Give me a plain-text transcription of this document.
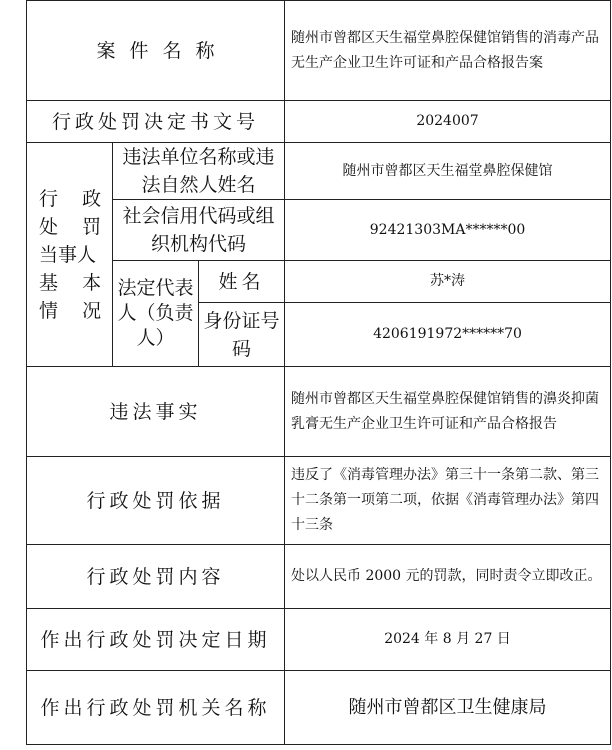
案件名称			随州市曾都区天生福堂鼻腔保健馆销售的消毒产品无生产企业卫生许可证和产品合格报告案
行政处罚决定书文号			2024007

行    政
处    罚
当事人
基    本
情    况	违法单位名称或违法自然人姓名		随州市曾都区天生福堂鼻腔保健馆
	社会信用代码或组织机构代码		92421303MA******00
	法定代表人（负责人）	姓名	苏*涛
		身份证号码	4206191972******70
违法事实			随州市曾都区天生福堂鼻腔保健馆销售的濞炎抑菌乳膏无生产企业卫生许可证和产品合格报告
行政处罚依据			违反了《消毒管理办法》第三十一条第二款、第三十二条第一项第二项，依据《消毒管理办法》第四十三条
行政处罚内容			处以人民币 2000 元的罚款，同时责令立即改正。
作出行政处罚决定日期			2024 年 8 月 27 日
作出行政处罚机关名称			随州市曾都区卫生健康局
